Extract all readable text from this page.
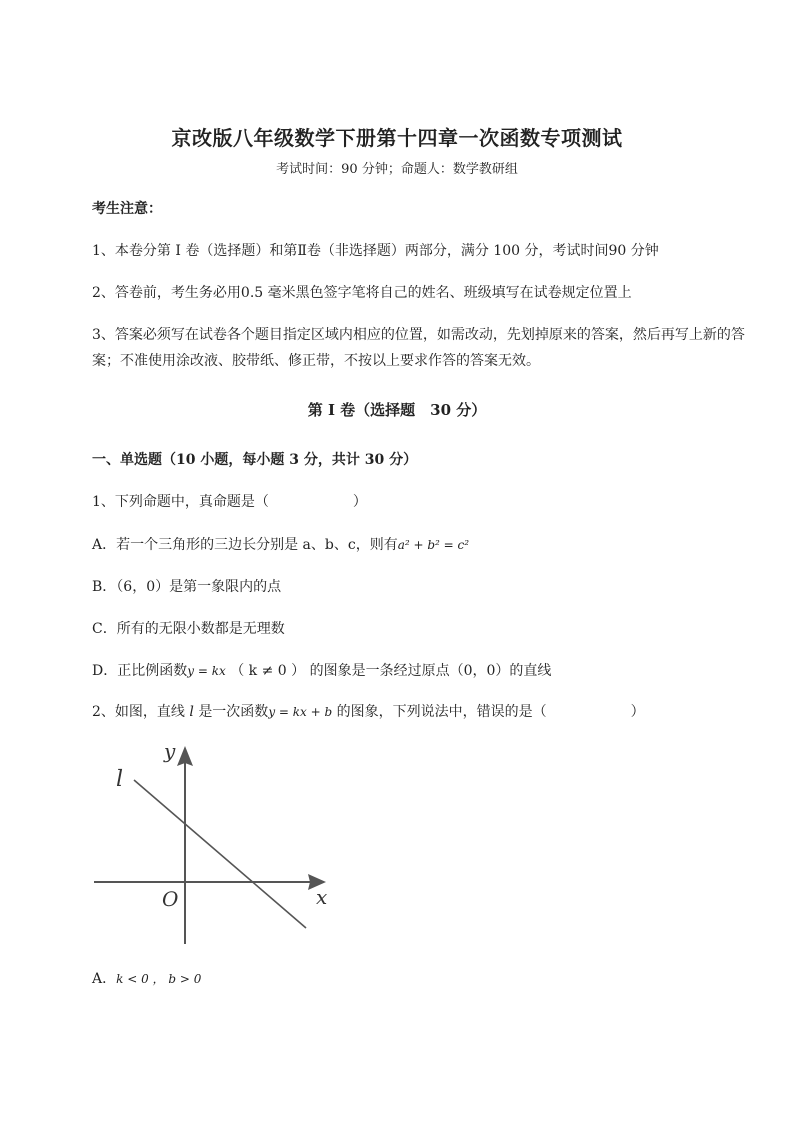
京改版八年级数学下册第十四章一次函数专项测试
考试时间：90 分钟；命题人：数学教研组
考生注意：
1、本卷分第 I 卷（选择题）和第Ⅱ卷（非选择题）两部分，满分 100 分，考试时间90 分钟
2、答卷前，考生务必用0.5 毫米黑色签字笔将自己的姓名、班级填写在试卷规定位置上
3、答案必须写在试卷各个题目指定区域内相应的位置，如需改动，先划掉原来的答案，然后再写上新的答案；不准使用涂改液、胶带纸、修正带，不按以上要求作答的答案无效。
第 I 卷（选择题　30 分）
一、单选题（10 小题，每小题 3 分，共计 30 分）
1、下列命题中，真命题是（　　　　　　）
A．若一个三角形的三边长分别是 a、b、c，则有a² + b² = c²
B．（6，0）是第一象限内的点
C．所有的无限小数都是无理数
D．正比例函数y = kx （ k ≠ 0 ） 的图象是一条经过原点（0，0）的直线
2、如图，直线 l 是一次函数y = kx + b 的图象，下列说法中，错误的是（　　　　　　）
y
x
O
l
A．k < 0 ， b > 0
